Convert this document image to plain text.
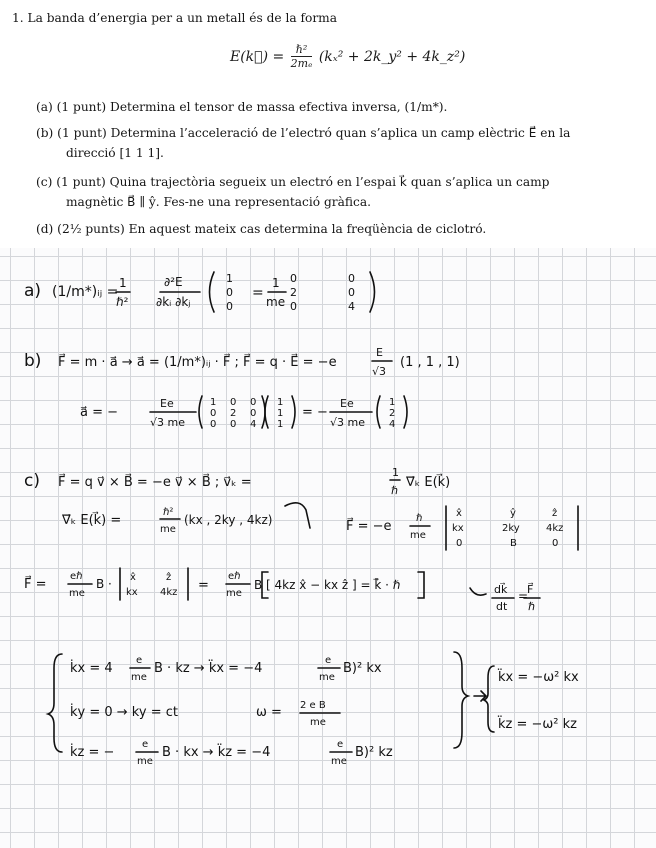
1. La banda d’energia per a un metall és de la forma
E(k⃗) = $\frac{\text{ℏ²}}{\text{2mₑ}} (k_x^2$ + 2k_y² + 4k_z²)
(a) (1 punt) Determina el tensor de massa efectiva inversa, (1/m*).
(b) (1 punt) Determina l’acceleració de l’electró quan s’aplica un camp elèctric E⃗ en la
direcció [1 1 1].
(c) (1 punt) Quina trajectòria segueix un electró en l’espai k⃗ quan s’aplica un camp
magnètic B⃗ ∥ ŷ. Fes-ne una representació gràfica.
(d) (2½ punts) En aquest mateix cas determina la freqüència de ciclotró.
a) (1/m*)ᵢⱼ =
1
ℏ²
∂²E
∂kᵢ ∂kⱼ
=
1
me
1	0	0
0	2	0
0	0	4
b) F⃗ = m · a⃗ → a⃗ = (1/m*)ᵢⱼ · F⃗ ; F⃗ = q · E⃗ = −e
E
√3
(1 , 1 , 1)
a⃗ = −
Ee
√3 me
1 0 0
0 2 0
0 0 4
1
1
1
1
2
4
= −
Ee
√3 me
c) F⃗ = q v⃗ × B⃗ = −e v⃗ × B⃗ ; v⃗ₖ =
1
ℏ
∇⃗ₖ E(k⃗)
∇⃗ₖ E(k⃗) =
ℏ²
me
(kx , 2ky , 4kz)	F⃗ = −e
ℏ
me
x̂	ŷ	ẑ
kx	2ky	4kz
0	B	0
F⃗ =
eℏ
me
B · x̂	ẑ
kx 4kz =
eℏ
me
B [ 4kz x̂ − kx ẑ ] = k̇⃗ · ℏ	dk⃗
dt
=
F⃗
ℏ
k̇x = 4
e
me
B · kz → k̈x = −4
e
me
B)² kx
k̇y = 0 → ky = ct	ω = 2 e B
me
k̇z = −
e
me
B · kx → k̈z = −4
e
me
B)² kz
k̈x = −ω² kx
k̈z = −ω² kz
